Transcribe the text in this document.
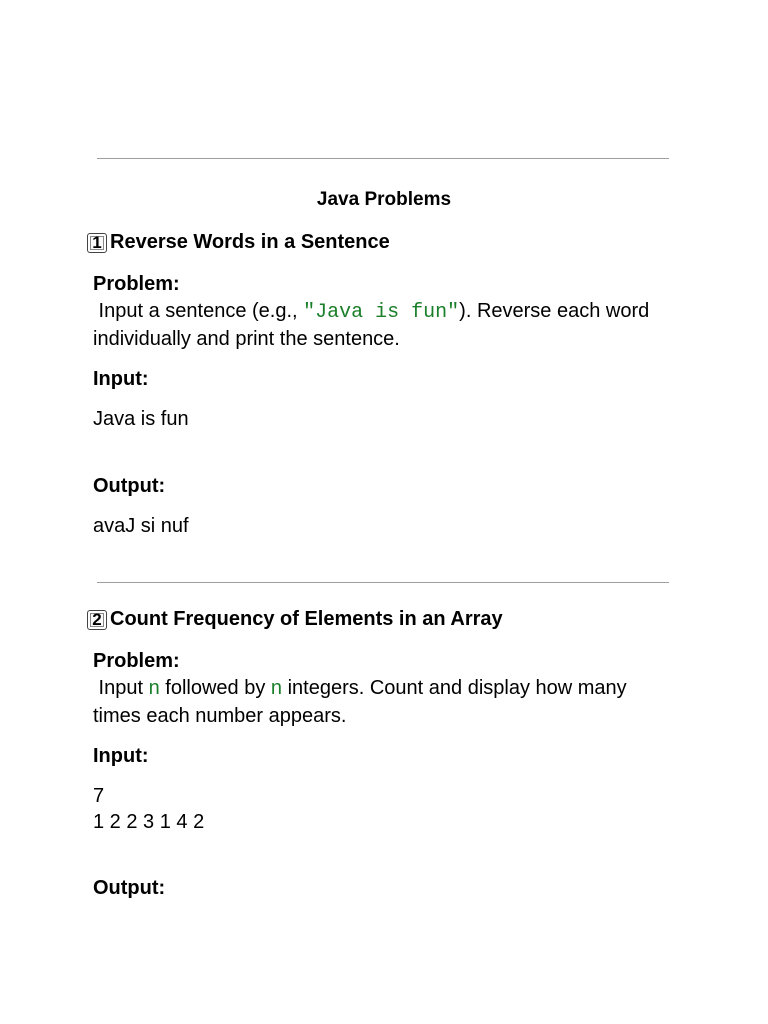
Java Problems
1 Reverse Words in a Sentence
Problem:
Input a sentence (e.g., "Java is fun"). Reverse each word
individually and print the sentence.
Input:
Java is fun
Output:
avaJ si nuf
2 Count Frequency of Elements in an Array
Problem:
Input n followed by n integers. Count and display how many
times each number appears.
Input:
7
1 2 2 3 1 4 2
Output:
